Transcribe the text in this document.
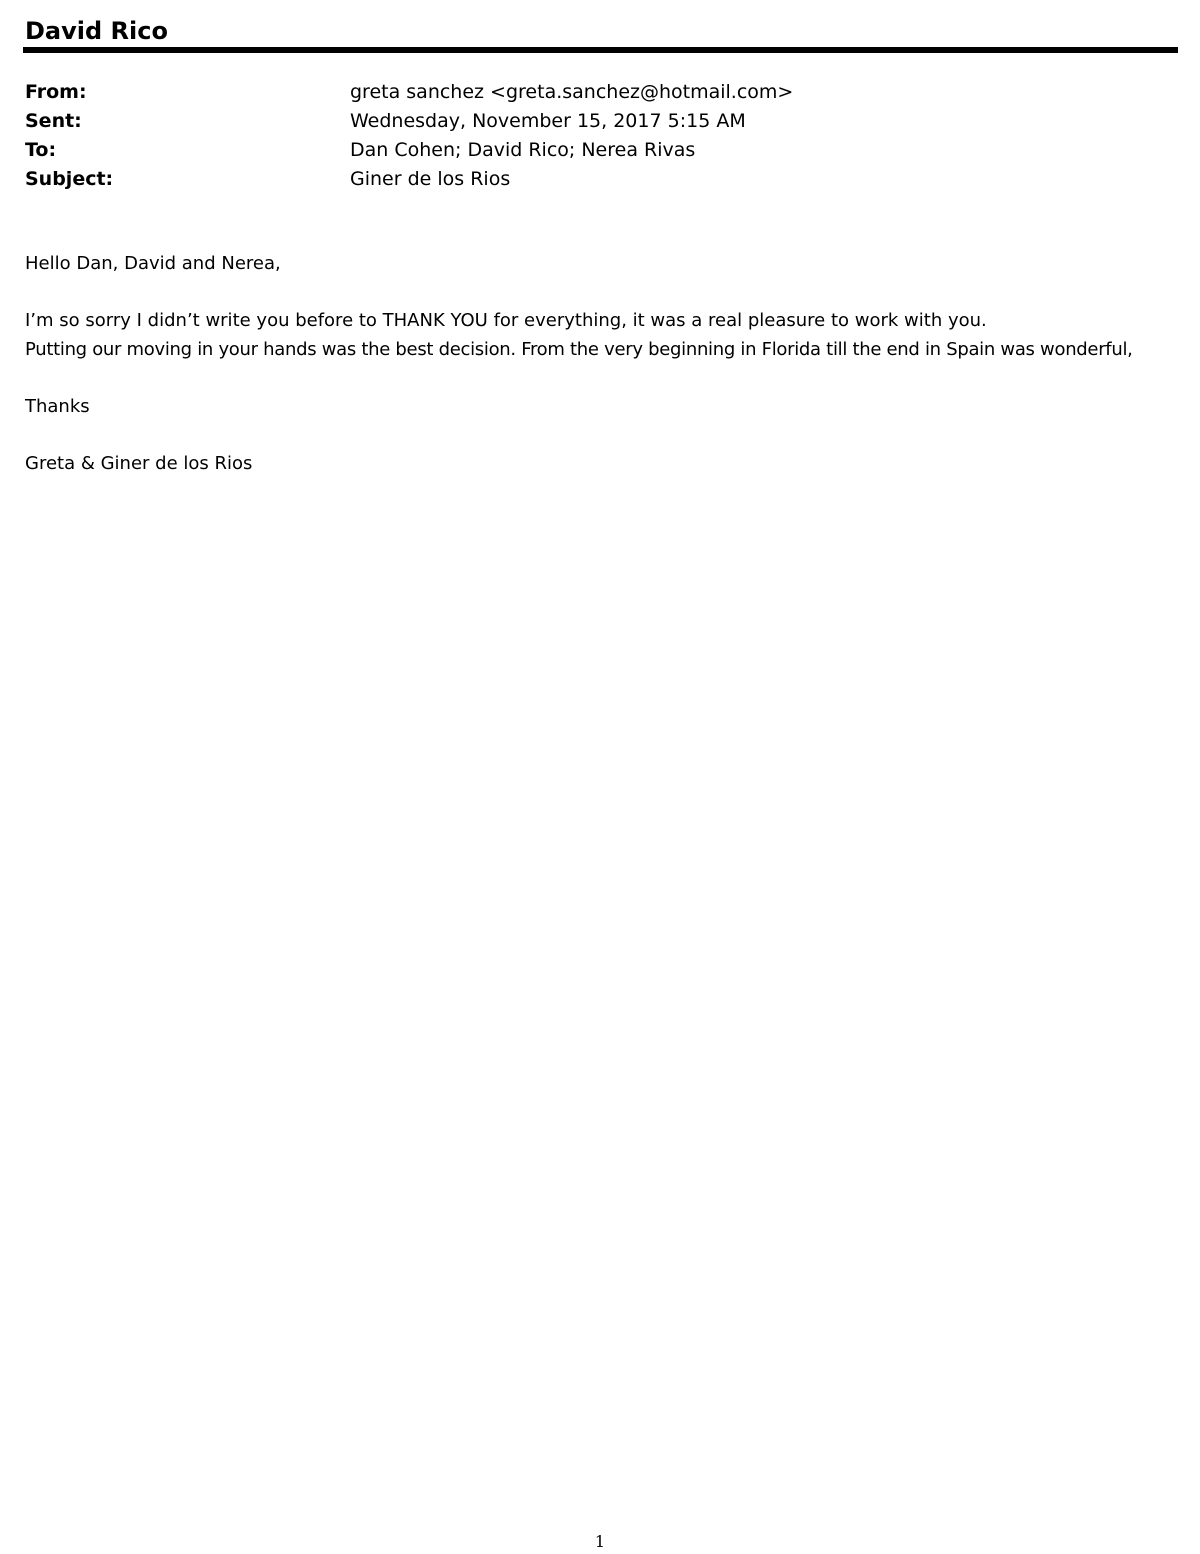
David Rico
From:	greta sanchez <greta.sanchez@hotmail.com>
Sent:	Wednesday, November 15, 2017 5:15 AM
To:	Dan Cohen; David Rico; Nerea Rivas
Subject:	Giner de los Rios
Hello Dan, David and Nerea,
I’m so sorry I didn’t write you before to THANK YOU for everything, it was a real pleasure to work with you.
Putting our moving in your hands was the best decision. From the very beginning in Florida till the end in Spain was wonderful,
Thanks
Greta & Giner de los Rios
1
